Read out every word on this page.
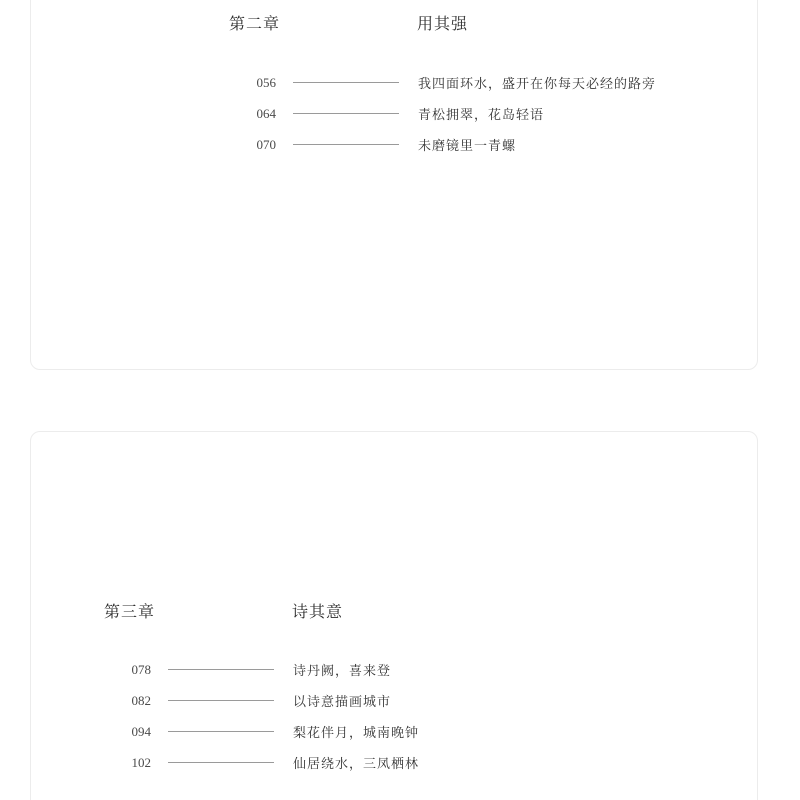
第二章	用其强
056	我四面环水，盛开在你每天必经的路旁
064	青松拥翠，花岛轻语
070	未磨镜里一青螺
第三章	诗其意
078	诗丹阙，喜来登
082	以诗意描画城市
094	梨花伴月，城南晚钟
102	仙居绕水，三凤栖林
